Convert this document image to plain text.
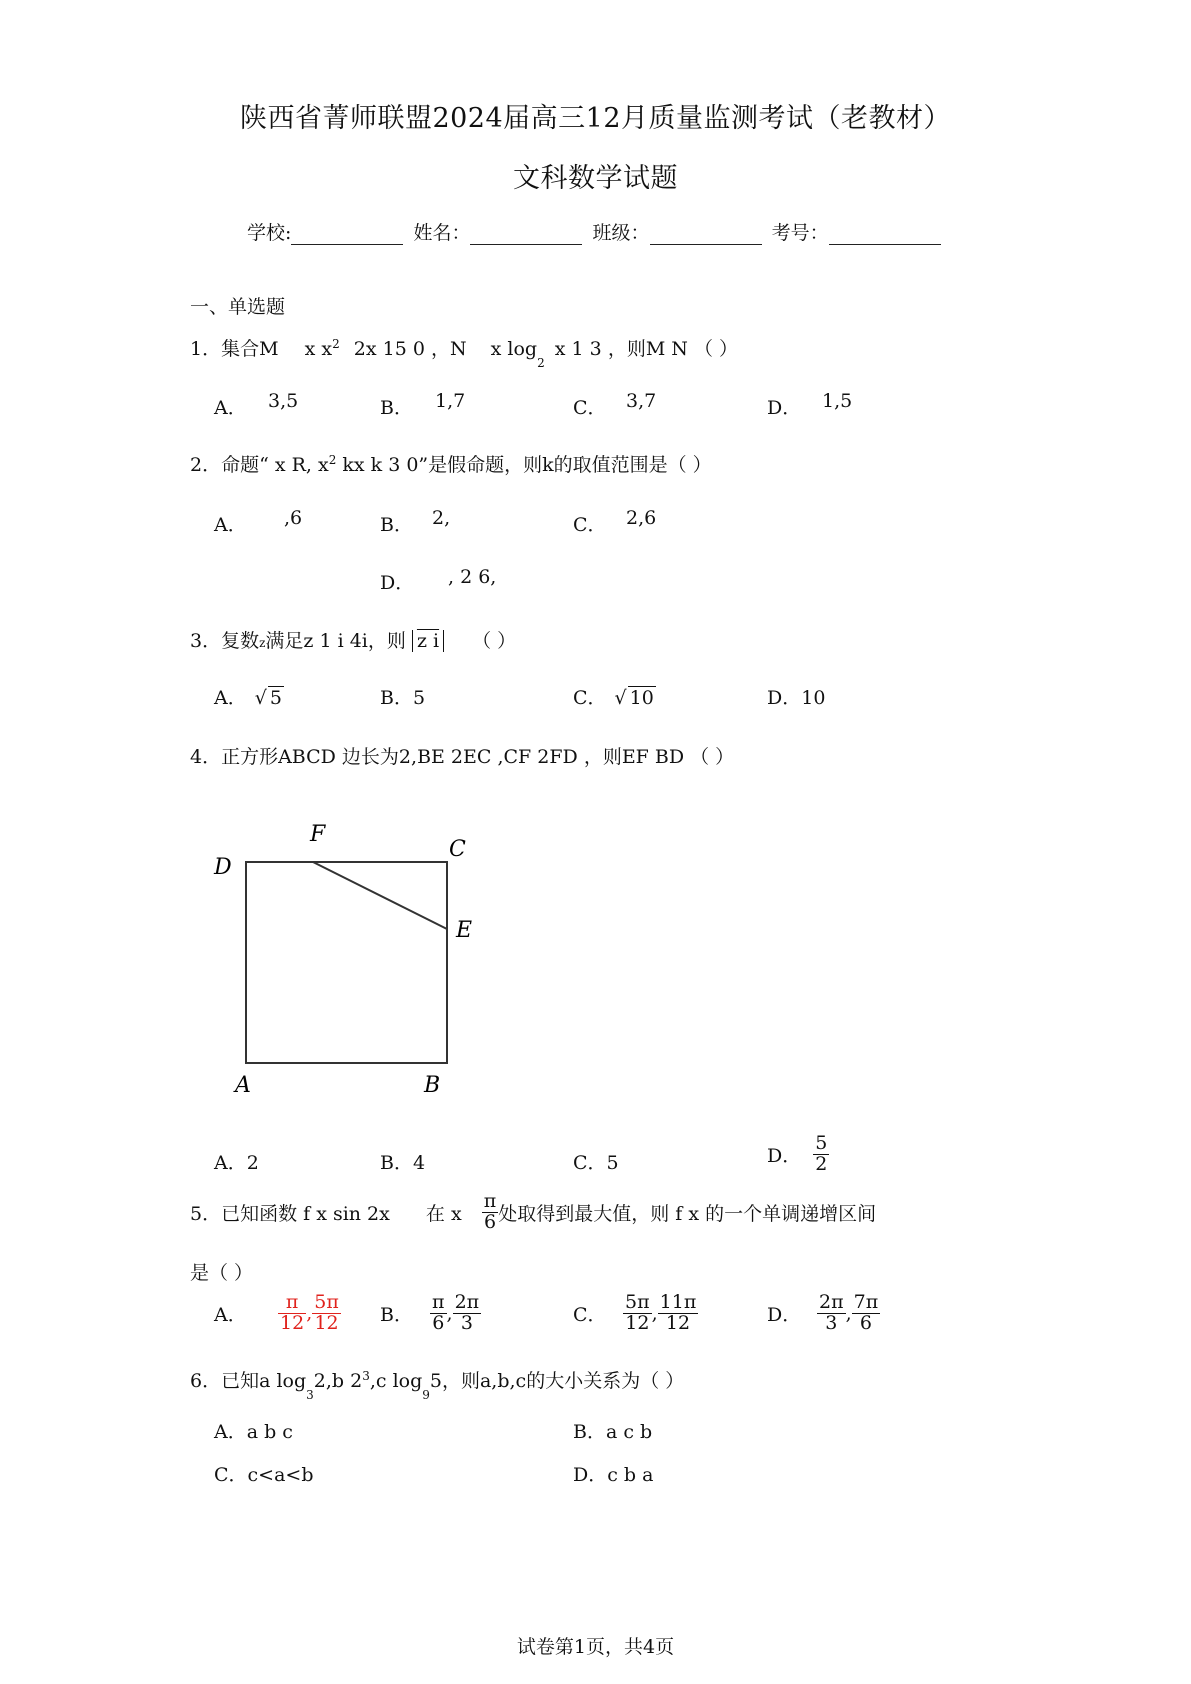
陕西省菁师联盟2024届高三12月质量监测考试（老教材）
文科数学试题
学校:	姓名：	班级：	考号：
一、单选题
1．集合M x $x^2$ 2x 15 0 ，N x $\log_2 x$ 1 3 ，则M N （ ）
A． 3,5	B． 1,7	C． 3,7	D． 1,5
2．命题“ x R, $x^2$ kx k 3 0”是假命题，则k的取值范围是（ ）
A． ,6	B． 2,	C． 2,6
D． , 2 6,
3．复数z满足z 1 i 4i，则 z i （ ）
A． √ 5	B．5	C． √ 10	D．10
4．正方形ABCD 边长为2,BE 2EC ,CF 2FD ，则EF BD （ ）
D
F
C
E
A	B
A．2	B．4	C．5	D． $\frac{5}{2}$
5．已知函数 f x sin 2x 在 x $\frac{\pi}{6}$ 处取得到最大值，则 f x 的一个单调递增区间
是（ ）
A． $\frac{\pi}{12}$ , $\frac{5\pi}{12}$ B． $\frac{\pi}{6}$ , $\frac{2\pi}{3}$	C． $\frac{5\pi}{12}$ , $\frac{11\pi}{12}$	D． $\frac{2\pi}{3}$ , $\frac{7\pi}{6}$
6．已知a $\log_32,b$ $2^3,c$ $\log_95$，则a,b,c的大小关系为（ ）
A．a b c	B．a c b
C．c<a<b	D．c b a
试卷第1页，共4页
